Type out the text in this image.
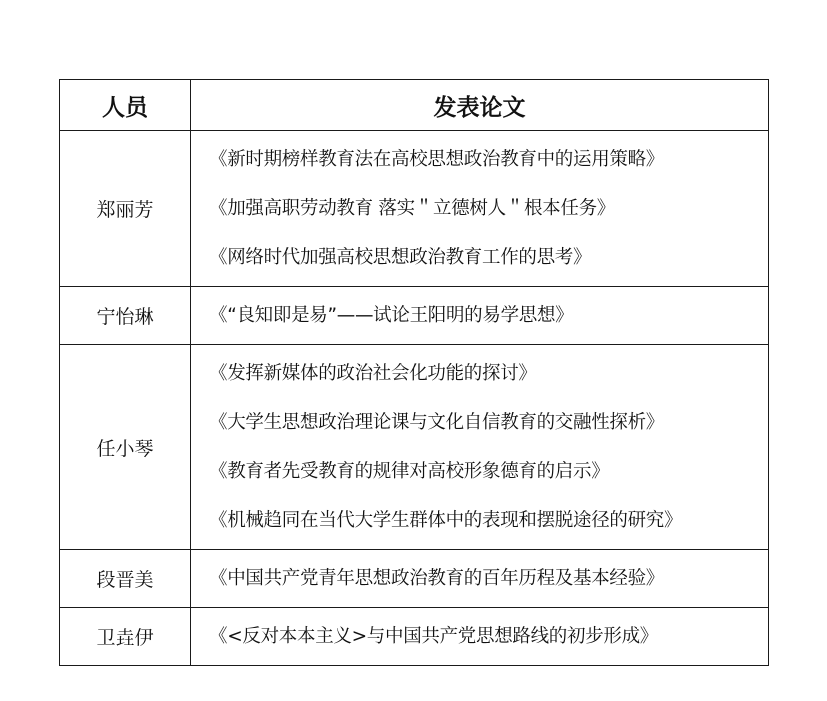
人员	发表论文
郑丽芳	《新时期榜样教育法在高校思想政治教育中的运用策略》
《加强高职劳动教育 落实＂立德树人＂根本任务》
《网络时代加强高校思想政治教育工作的思考》

宁怡琳	《“良知即是易”——试论王阳明的易学思想》

任小琴	《发挥新媒体的政治社会化功能的探讨》
《大学生思想政治理论课与文化自信教育的交融性探析》
《教育者先受教育的规律对高校形象德育的启示》
《机械趋同在当代大学生群体中的表现和摆脱途径的研究》

段晋美	《中国共产党青年思想政治教育的百年历程及基本经验》

卫垚伊	《<反对本本主义>与中国共产党思想路线的初步形成》
